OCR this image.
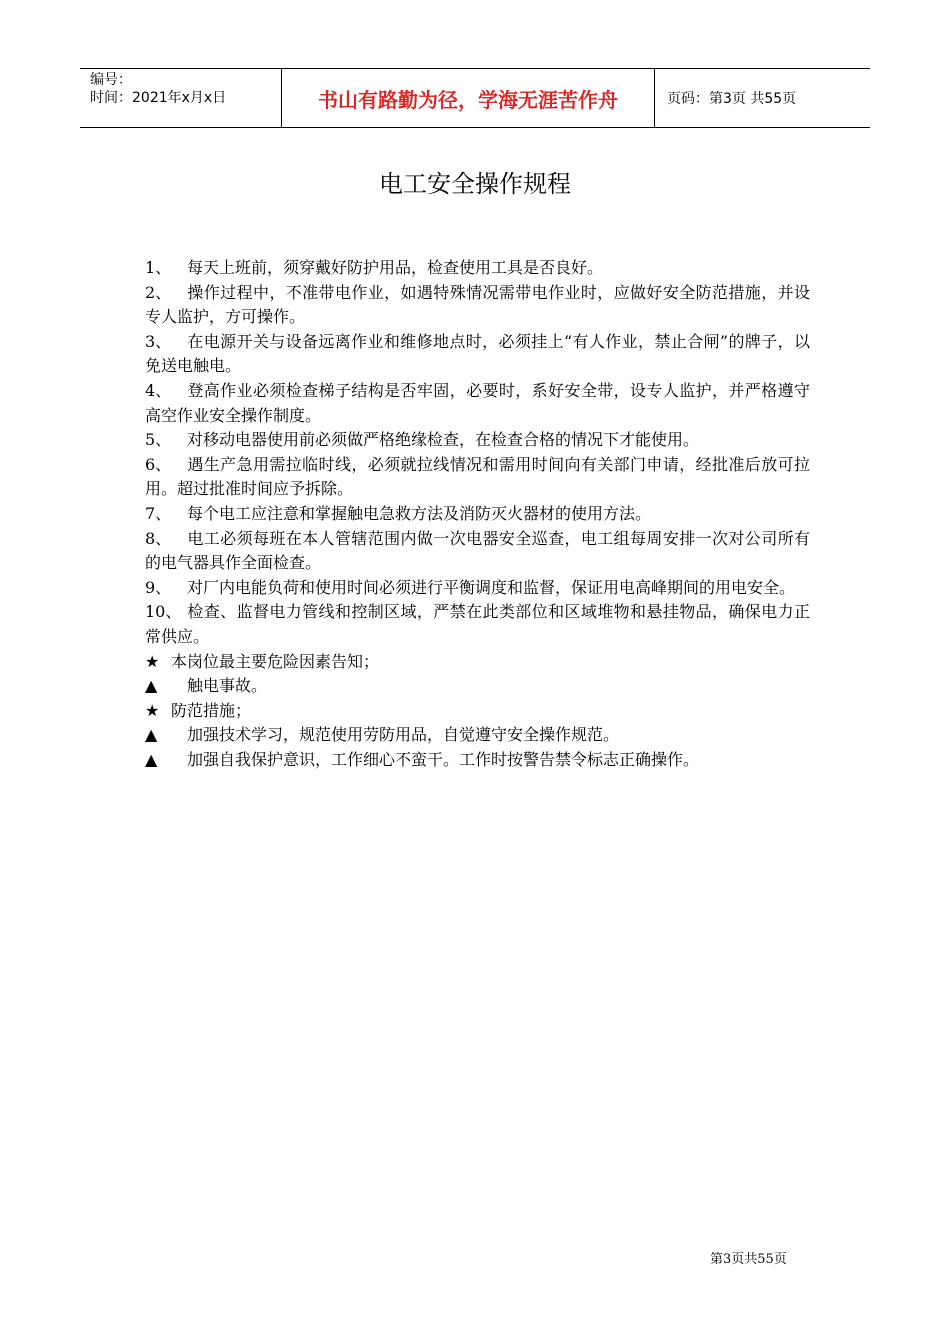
编号：
时间：2021年x月x日	书山有路勤为径，学海无涯苦作舟	页码：第3页 共55页
电工安全操作规程

1、 每天上班前，须穿戴好防护用品，检查使用工具是否良好。

2、 操作过程中，不准带电作业，如遇特殊情况需带电作业时，应做好安全防范措施，并设专人监护，方可操作。

3、 在电源开关与设备远离作业和维修地点时，必须挂上“有人作业，禁止合闸”的牌子，以免送电触电。

4、 登高作业必须检查梯子结构是否牢固，必要时，系好安全带，设专人监护，并严格遵守高空作业安全操作制度。

5、 对移动电器使用前必须做严格绝缘检查，在检查合格的情况下才能使用。

6、 遇生产急用需拉临时线，必须就拉线情况和需用时间向有关部门申请，经批准后放可拉用。超过批准时间应予拆除。

7、 每个电工应注意和掌握触电急救方法及消防灭火器材的使用方法。

8、 电工必须每班在本人管辖范围内做一次电器安全巡查，电工组每周安排一次对公司所有的电气器具作全面检查。

9、 对厂内电能负荷和使用时间必须进行平衡调度和监督，保证用电高峰期间的用电安全。

10、 检查、监督电力管线和控制区域，严禁在此类部位和区域堆物和悬挂物品，确保电力正常供应。

★ 本岗位最主要危险因素告知；

▲ 触电事故。

★ 防范措施；

▲ 加强技术学习，规范使用劳防用品，自觉遵守安全操作规范。

▲ 加强自我保护意识，工作细心不蛮干。工作时按警告禁令标志正确操作。

第3页共55页
